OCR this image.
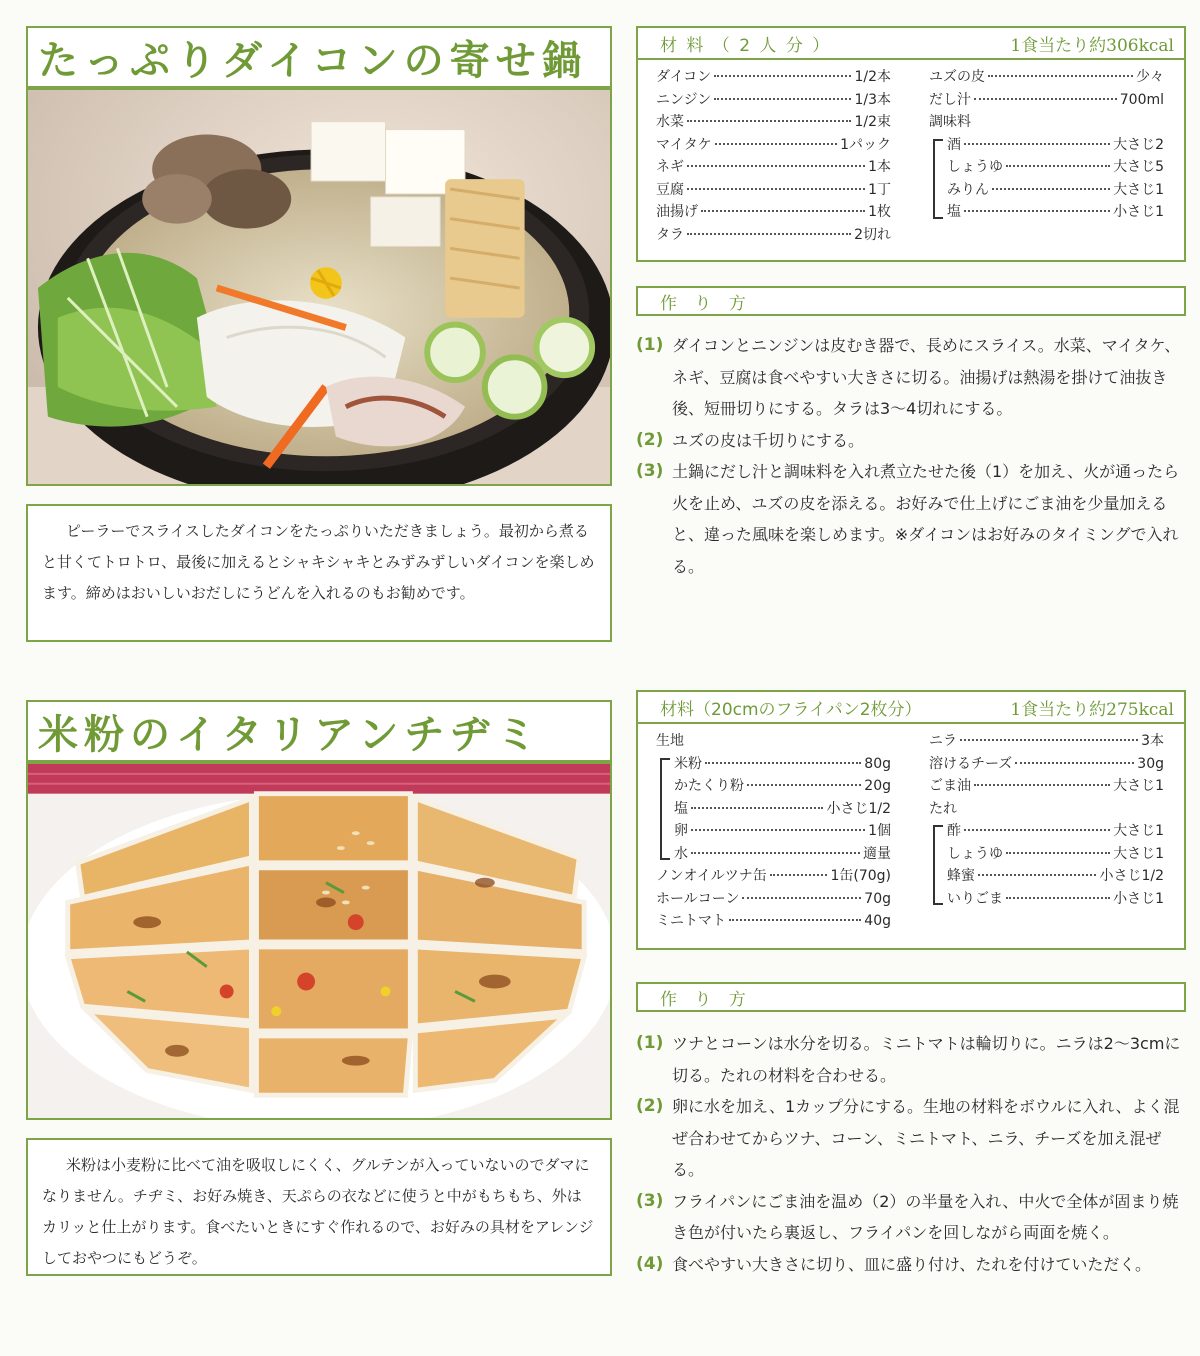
たっぷりダイコンの寄せ鍋

ピーラーでスライスしたダイコンをたっぷりいただきましょう。最初から煮ると甘くてトロトロ、最後に加えるとシャキシャキとみずみずしいダイコンを楽しめます。締めはおいしいおだしにうどんを入れるのもお勧めです。

材 料 （ 2 人 分 ）	1食当たり約306kcal
ダイコン	1/2本
ニンジン	1/3本
水菜	1/2束
マイタケ	1パック
ネギ	1本
豆腐	1丁
油揚げ	1枚
タラ	2切れ
ユズの皮	少々
だし汁	700ml
調味料
酒	大さじ2
しょうゆ	大さじ5
みりん	大さじ1
塩	小さじ1
作 り 方
(1) ダイコンとニンジンは皮むき器で、長めにスライス。水菜、マイタケ、ネギ、豆腐は食べやすい大きさに切る。油揚げは熱湯を掛けて油抜き後、短冊切りにする。タラは3～4切れにする。
(2) ユズの皮は千切りにする。
(3) 土鍋にだし汁と調味料を入れ煮立たせた後（1）を加え、火が通ったら火を止め、ユズの皮を添える。お好みで仕上げにごま油を少量加えると、違った風味を楽しめます。※ダイコンはお好みのタイミングで入れる。
米粉のイタリアンチヂミ

米粉は小麦粉に比べて油を吸収しにくく、グルテンが入っていないのでダマになりません。チヂミ、お好み焼き、天ぷらの衣などに使うと中がもちもち、外はカリッと仕上がります。食べたいときにすぐ作れるので、お好みの具材をアレンジしておやつにもどうぞ。

材料（20cmのフライパン2枚分）	1食当たり約275kcal
生地
米粉	80g
かたくり粉	20g
塩	小さじ1/2
卵	1個
水	適量
ノンオイルツナ缶	1缶(70g)
ホールコーン	70g
ミニトマト	40g
ニラ	3本
溶けるチーズ	30g
ごま油	大さじ1
たれ
酢	大さじ1
しょうゆ	大さじ1
蜂蜜	小さじ1/2
いりごま	小さじ1
作 り 方
(1) ツナとコーンは水分を切る。ミニトマトは輪切りに。ニラは2～3cmに切る。たれの材料を合わせる。
(2) 卵に水を加え、1カップ分にする。生地の材料をボウルに入れ、よく混ぜ合わせてからツナ、コーン、ミニトマト、ニラ、チーズを加え混ぜる。
(3) フライパンにごま油を温め（2）の半量を入れ、中火で全体が固まり焼き色が付いたら裏返し、フライパンを回しながら両面を焼く。
(4) 食べやすい大きさに切り、皿に盛り付け、たれを付けていただく。
